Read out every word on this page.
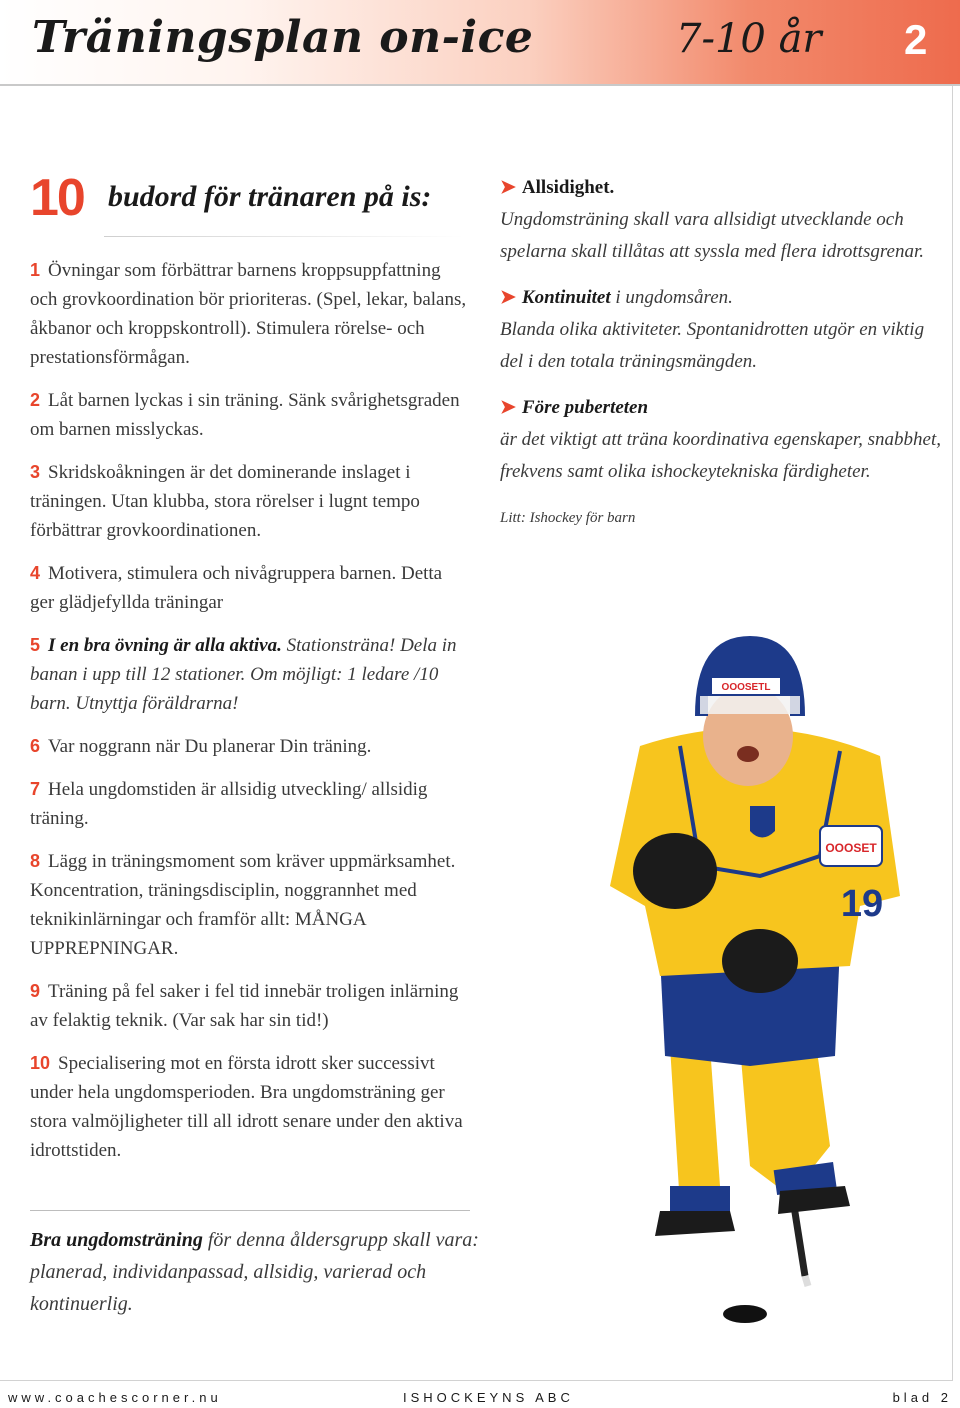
Träningsplan on-ice	7-10 år 2
10 budord för tränaren på is:
1 Övningar som förbättrar barnens kroppsuppfattning och grovkoordination bör prioriteras. (Spel, lekar, balans, åkbanor och kroppskontroll). Stimulera rörelse- och prestationsförmågan.
2 Låt barnen lyckas i sin träning. Sänk svårighetsgraden om barnen misslyckas.
3 Skridskoåkningen är det dominerande inslaget i träningen. Utan klubba, stora rörelser i lugnt tempo förbättrar grovkoordinationen.
4 Motivera, stimulera och nivågruppera barnen. Detta ger glädjefyllda träningar
5 I en bra övning är alla aktiva. Stationsträna! Dela in banan i upp till 12 stationer. Om möjligt: 1 ledare /10 barn. Utnyttja föräldrarna!
6 Var noggrann när Du planerar Din träning.
7 Hela ungdomstiden är allsidig utveckling/ allsidig träning.
8 Lägg in träningsmoment som kräver uppmärksamhet. Koncentration, träningsdisciplin, noggrannhet med teknikinlärningar och framför allt: MÅNGA UPPREPNINGAR.
9 Träning på fel saker i fel tid innebär troligen inlärning av felaktig teknik. (Var sak har sin tid!)
10 Specialisering mot en första idrott sker successivt under hela ungdomsperioden. Bra ungdomsträning ger stora valmöjligheter till all idrott senare under den aktiva idrottstiden.
➤ Allsidighet.
Ungdomsträning skall vara allsidigt utvecklande och spelarna skall tillåtas att syssla med flera idrottsgrenar.
➤ Kontinuitet i ungdomsåren.
Blanda olika aktiviteter. Spontanidrotten utgör en viktig del i den totala träningsmängden.
➤ Före puberteten
är det viktigt att träna koordinativa egenskaper, snabbhet, frekvens samt olika ishockeytekniska färdigheter.
Litt: Ishockey för barn
OOOSET
19
OOOSETL
Bra ungdomsträning för denna åldersgrupp skall vara: planerad, individanpassad, allsidig, varierad och kontinuerlig.
www.coachescorner.nu	ISHOCKEYNS ABC	blad 2
